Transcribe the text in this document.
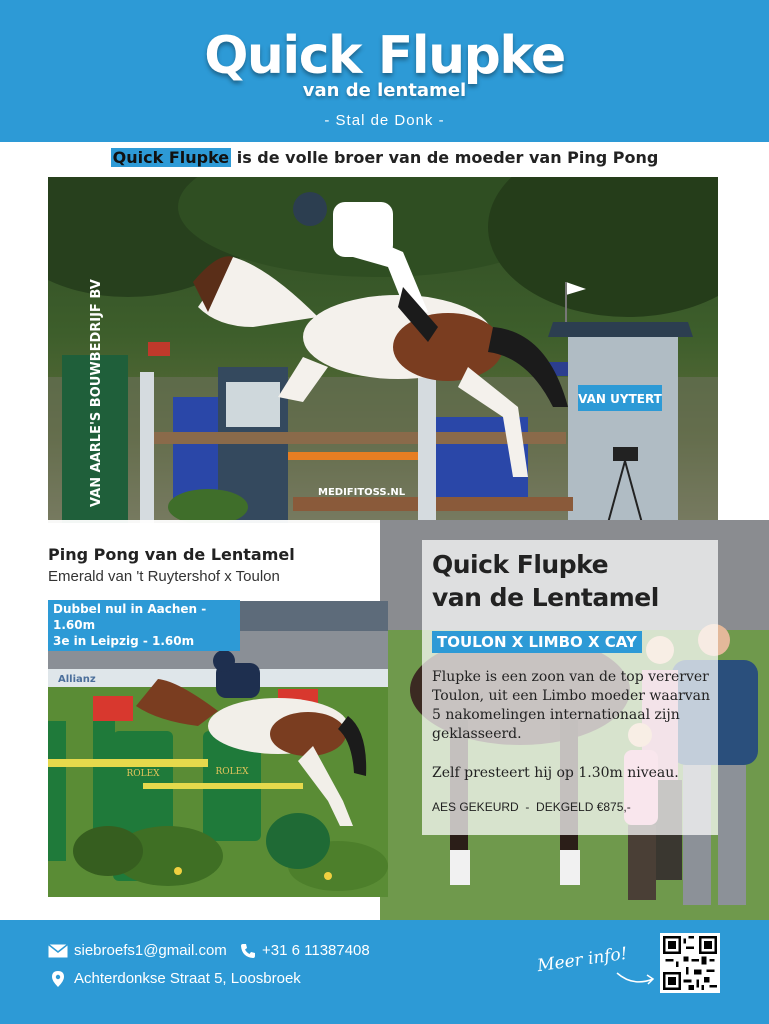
Quick Flupke
van de lentamel
- Stal de Donk -
Quick Flupke is de volle broer van de moeder van Ping Pong
VAN AARLE'S BOUWBEDRIJF BV	VAN UYTERT
MEDIFITOSS.NL
Ping Pong van de Lentamel
Emerald van 't Ruytershof x Toulon
Allianz
ROLEX	ROLEX
Dubbel nul in Aachen - 1.60m
3e in Leipzig - 1.60m
Quick Flupke
van de Lentamel
TOULON X LIMBO X CAY
Flupke is een zoon van de top vererver Toulon, uit een Limbo moeder waarvan 5 nakomelingen internationaal zijn geklasseerd.
Zelf presteert hij op 1.30m niveau.
AES GEKEURD  -  DEKGELD €875,-
siebroefs1@gmail.com +31 6 11387408
Achterdonkse Straat 5, Loosbroek
Meer info!
